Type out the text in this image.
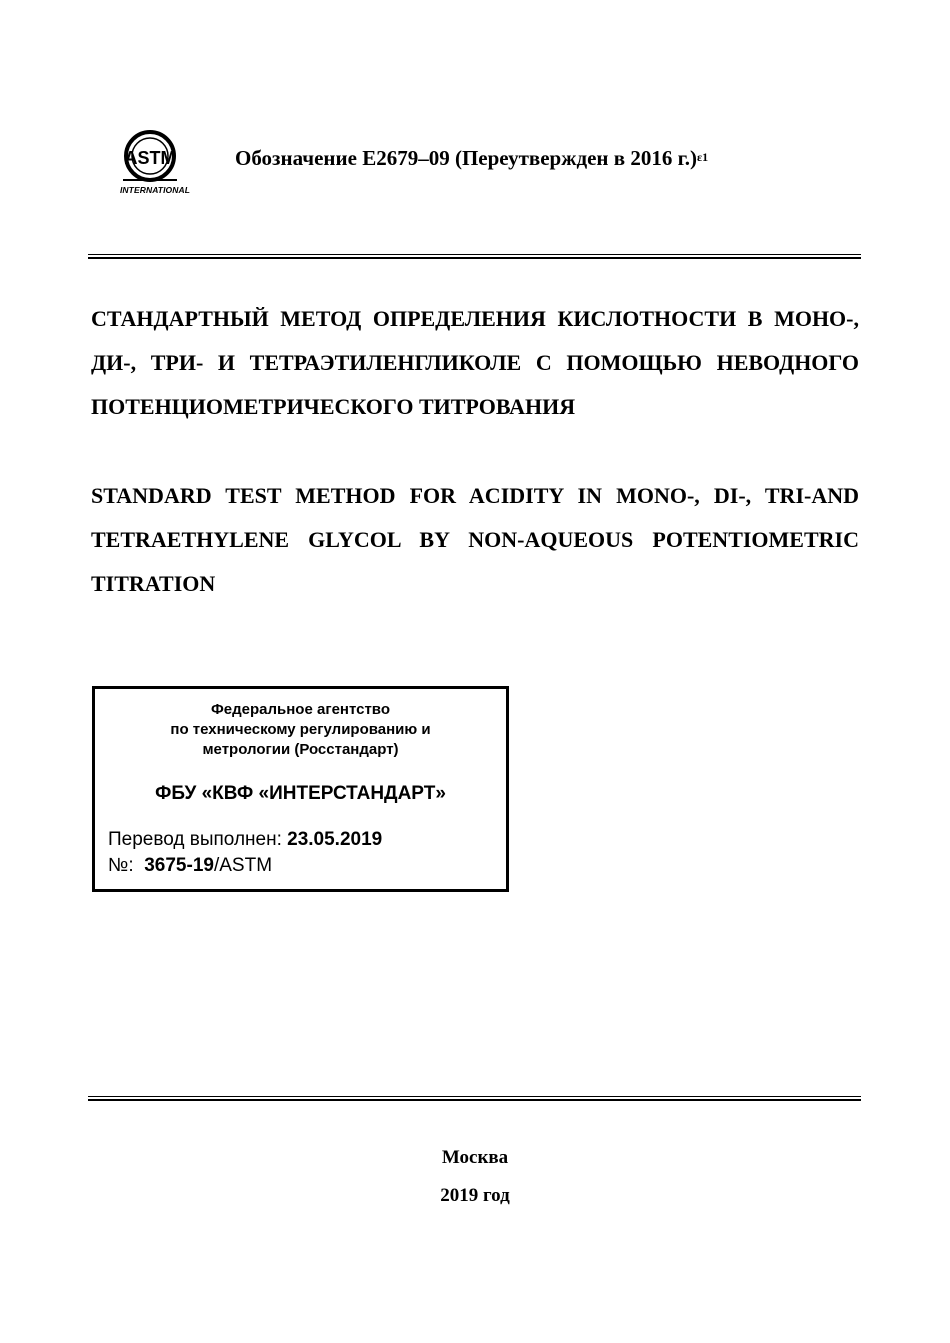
ASTM
INTERNATIONAL
Обозначение E2679–09 (Переутвержден в 2016 г.)$^{\varepsilon 1}$
СТАНДАРТНЫЙ МЕТОД ОПРЕДЕЛЕНИЯ КИСЛОТНОСТИ В МОНО-, ДИ-, ТРИ- И ТЕТРАЭТИЛЕНГЛИКОЛЕ С ПОМОЩЬЮ НЕВОДНОГО ПОТЕНЦИОМЕТРИЧЕСКОГО ТИТРОВАНИЯ
STANDARD TEST METHOD FOR ACIDITY IN MONO-, DI-, TRI-AND TETRAETHYLENE GLYCOL BY NON-AQUEOUS POTENTIOMETRIC TITRATION
Федеральное агентство
по техническому регулированию и
метрологии (Росстандарт)
ФБУ «КВФ «ИНТЕРСТАНДАРТ»
Перевод выполнен: 23.05.2019
№: 3675-19/ASTM
Москва
2019 год
